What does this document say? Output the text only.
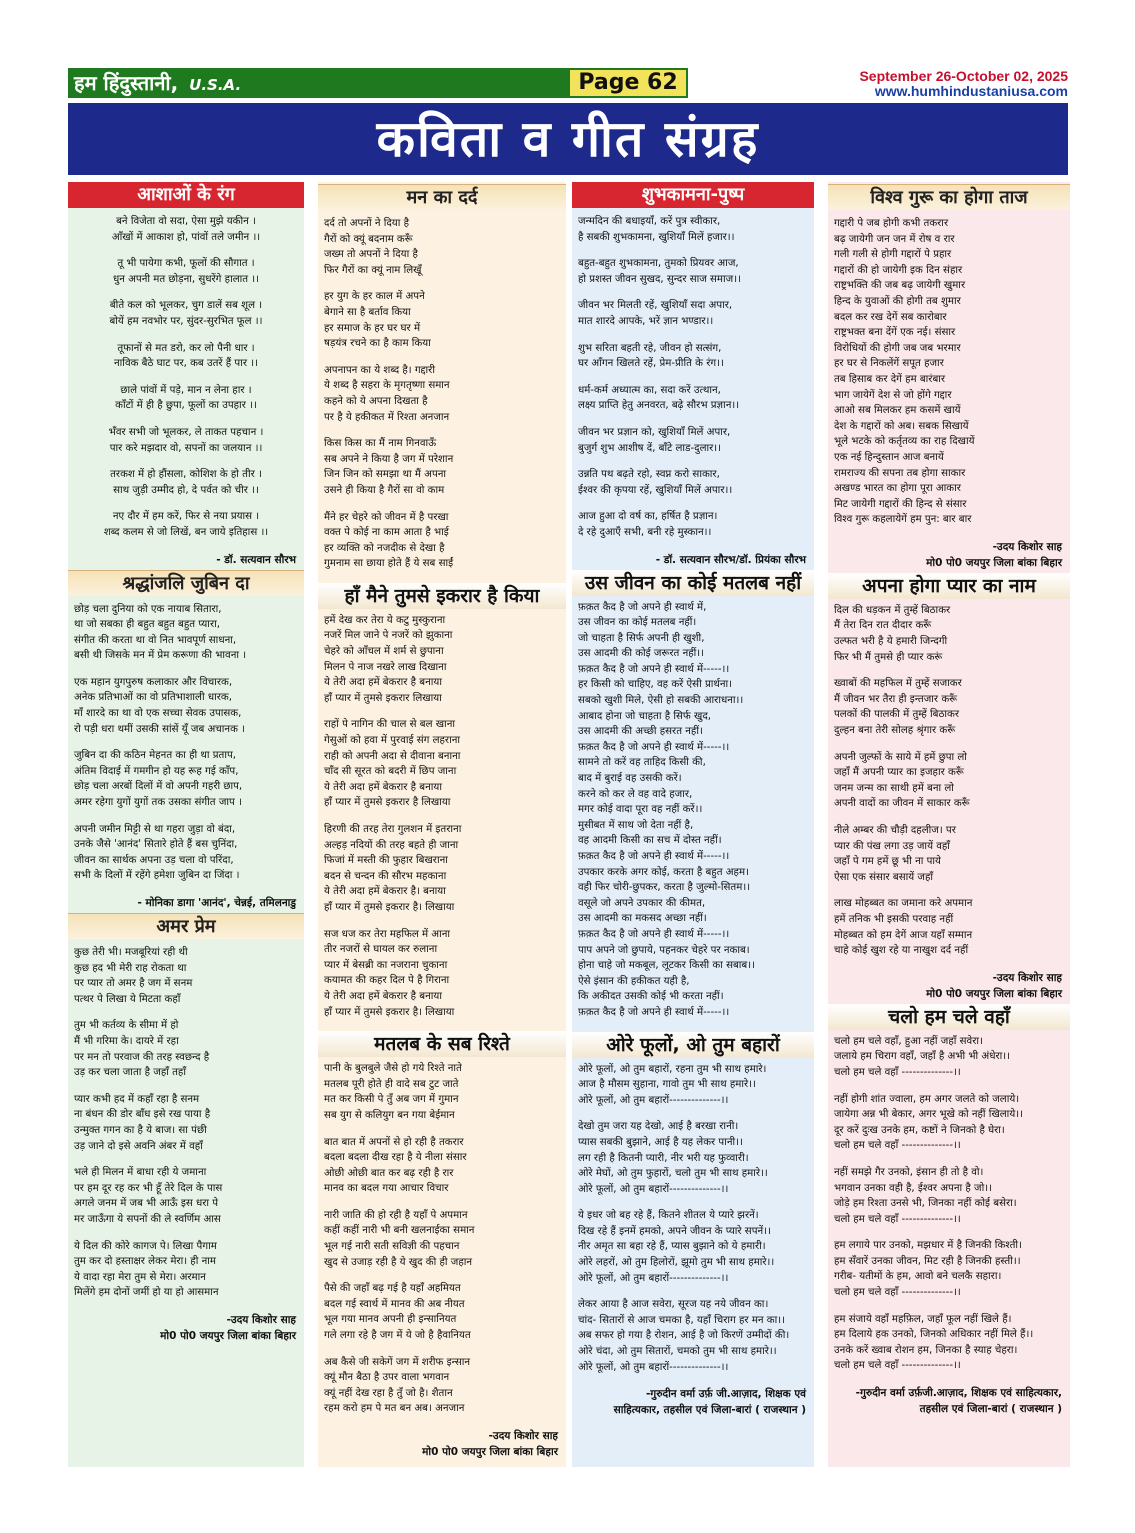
हम हिंदुस्तानी, U.S.A.	Page 62	September 26-October 02, 2025
www.humhindustaniusa.com
कविता व गीत संग्रह
आशाओं के रंग
बने विजेता वो सदा, ऐसा मुझे यकीन ।
आँखों में आकाश हो, पांवों तले जमीन ।।
तू भी पायेगा कभी, फूलों की सौगात ।
धुन अपनी मत छोड़ना, सुधरेंगे हालात ।।
बीते कल को भूलकर, चुग डालें सब शूल ।
बोयें हम नवभोर पर, सुंदर-सुरभित फूल ।।
तूफानों से मत डरो, कर लो पैनी धार ।
नाविक बैठे घाट पर, कब उतरें हैं पार ।।
छाले पांवों में पड़े, मान न लेना हार ।
काँटों में ही है छुपा, फूलों का उपहार ।।
भँवर सभी जो भूलकर, ले ताकत पहचान ।
पार करे मझदार वो, सपनों का जलयान ।।
तरकश में हो हौंसला, कोशिश के हो तीर ।
साथ जुड़ी उम्मीद हो, दे पर्वत को चीर ।।
नए दौर में हम करें, फिर से नया प्रयास ।
शब्द कलम से जो लिखें, बन जाये इतिहास ।।
- डॉ. सत्यवान सौरभ
श्रद्धांजलि जुबिन दा
छोड़ चला दुनिया को एक नायाब सितारा,
था जो सबका ही बहुत बहुत बहुत प्यारा,
संगीत की करता था वो नित भावपूर्ण साधना,
बसी थी जिसके मन में प्रेम करूणा की भावना ।
एक महान युगपुरुष कलाकार और विचारक,
अनेक प्रतिभाओं का वो प्रतिभाशाली धारक,
माँ शारदे का था वो एक सच्चा सेवक उपासक,
रो पड़ी धरा थमीं उसकी सांसें यूँ जब अचानक ।
जुबिन दा की कठिन मेहनत का ही था प्रताप,
अंतिम विदाई में गमगीन हो यह रूह गई काँप,
छोड़ चला अरबों दिलों में वो अपनी गहरी छाप,
अमर रहेगा युगों युगों तक उसका संगीत जाप ।
अपनी जमीन मिट्टी से था गहरा जुड़ा वो बंदा,
उनके जैसे 'आनंद' सितारे होते हैं बस चुनिंदा,
जीवन का सार्थक अपना उड़ चला वो परिंदा,
सभी के दिलों में रहेंगे हमेशा जुबिन दा जिंदा ।
- मोनिका डागा 'आनंद', चेन्नई, तमिलनाडु
अमर प्रेम
कुछ तेरी भी। मजबूरियां रही थी
कुछ हद भी मेरी राह रोकता था
पर प्यार तो अमर है जग में सनम
पत्थर पे लिखा ये मिटता कहाँ
तुम भी कर्तव्य के सीमा में हो
मैं भी गरिमा के। दायरे में रहा
पर मन तो परवाज की तरह स्वछन्द है
उड़ कर चला जाता है जहाँ तहाँ
प्यार कभी हद में कहाँ रहा है सनम
ना बंधन की डोर बाँध इसे रख पाया है
उन्मुक्त गगन का है ये बाज। सा पंछी
उड़ जाने दो इसे अवनि अंबर में वहाँ
भले ही मिलन में बाधा रही ये जमाना
पर हम दूर रह कर भी हूँ तेरे दिल के पास
अगले जनम में जब भी आऊँ इस धरा पे
मर जाऊँगा ये सपनों की ले स्वर्णिम आस
ये दिल की कोरे कागज पे। लिखा पैगाम
तुम कर दो हस्ताक्षर लेकर मेरा। ही नाम
ये वादा रहा मेरा तुम से मेरा। अरमान
मिलेंगे हम दोनों जमीं हो या हो आसमान
-उदय किशोर साह
मो0 पो0 जयपुर जिला बांका बिहार
मन का दर्द
दर्द तो अपनों ने दिया है
गैरों को क्यूं बदनाम करूँ
जख्म तो अपनों ने दिया है
फिर गैरों का क्यूं नाम लिखूँ
हर युग के हर काल में अपने
बेगाने सा है बर्ताव किया
हर समाज के हर घर घर में
षड़यंत्र रचने का है काम किया
अपनापन का ये शब्द है। गद्दारी
ये शब्द है सहरा के मृगतृष्णा समान
कहने को ये अपना दिखता है
पर है ये हकीकत में रिश्ता अनजान
किस किस का मैं नाम गिनवाऊँ
सब अपने ने किया है जग में परेशान
जिन जिन को समझा था मैं अपना
उसने ही किया है गैरों सा वो काम
मैंने हर चेहरे को जीवन में है परखा
वक्त पे कोई ना काम आता है भाई
हर व्यक्ति को नजदीक से देखा है
गुमनाम सा छाया होते हैं ये सब साईं
हाँ मैने तुमसे इकरार है किया
हमें देख कर तेरा ये कटु मुस्कुराना
नजरें मिल जाने पे नजरें को झुकाना
चेहरे को आँचल में शर्म से छुपाना
मिलन पे नाज नखरे लाख दिखाना
ये तेरी अदा हमें बेकरार है बनाया
हाँ प्यार में तुमसे इकरार लिखाया
राहों पे नागिन की चाल से बल खाना
गेसुओं को हवा में पुरवाई संग लहराना
राही को अपनी अदा से दीवाना बनाना
चाँद सी सूरत को बदरी में छिप जाना
ये तेरी अदा हमें बेकरार है बनाया
हाँ प्यार में तुमसे इकरार है लिखाया
हिरणी की तरह तेरा गुलशन में इतराना
अल्हड़ नदियों की तरह बहते ही जाना
फिजां में मस्ती की फुहार बिखराना
बदन से चन्दन की सौरभ महकाना
ये तेरी अदा हमें बेकरार है। बनाया
हाँ प्यार में तुमसे इकरार है। लिखाया
सज धज कर तेरा महफिल में आना
तीर नजरों से घायल कर रुलाना
प्यार में बेसब्री का नजराना चुकाना
कयामत की कहर दिल पे है गिराना
ये तेरी अदा हमें बेकरार है बनाया
हाँ प्यार में तुमसे इकरार है। लिखाया
मतलब के सब रिश्ते
पानी के बुलबुले जैसे हो गये रिश्ते नाते
मतलब पूरी होते ही वादे सब टुट जाते
मत कर किसी पे तुँ अब जग में गुमान
सब युग से कलियुग बन गया बेईमान
बात बात में अपनों से हो रही है तकरार
बदला बदला दीख रहा है ये नीला संसार
ओछी ओछी बात कर बढ़ रही है रार
मानव का बदल गया आचार विचार
नारी जाति की हो रही है यहाँ पे अपमान
कहीं कहीं नारी भी बनी खलनाईका समान
भूल गई नारी सती सविज्ञी की पहचान
खुद से उजाड़ रही है ये खुद की ही जहान
पैसे की जहाँ बढ़ गई है यहाँ अहमियत
बदल गई स्वार्थ में मानव की अब नीयत
भूल गया मानव अपनी ही इन्सानियत
गले लगा रहे है जग में ये जो है हैवानियत
अब कैसे जी सकेगें जग में शरीफ इन्सान
क्यूं मौन बैठा है उपर वाला भगवान
क्यूं नहीं देख रहा है तुँ जो है। शैतान
रहम करो हम पे मत बन अब। अनजान
-उदय किशोर साह
मो0 पो0 जयपुर जिला बांका बिहार
शुभकामना-पुष्प
जन्मदिन की बधाइयाँ, करें पुत्र स्वीकार,
है सबकी शुभकामना, खुशियाँ मिलें हजार।।
बहुत-बहुत शुभकामना, तुमको प्रियवर आज,
हो प्रशस्त जीवन सुखद, सुन्दर साज समाज।।
जीवन भर मिलती रहें, खुशियाँ सदा अपार,
मात शारदे आपके, भरें ज्ञान भण्डार।।
शुभ सरिता बहती रहे, जीवन हो सत्संग,
घर आँगन खिलते रहें, प्रेम-प्रीति के रंग।।
धर्म-कर्म अध्यात्म का, सदा करें उत्थान,
लक्ष्य प्राप्ति हेतु अनवरत, बढ़े सौरभ प्रज्ञान।।
जीवन भर प्रज्ञान को, खुशियाँ मिलें अपार,
बुजुर्ग शुभ आशीष दें, बाँटे लाड-दुलार।।
उन्नति पथ बढ़ते रहो, स्वप्न करो साकार,
ईश्वर की कृपया रहें, खुशियाँ मिलें अपार।।
आज हुआ दो वर्ष का, हर्षित है प्रज्ञान।
दे रहे दुआएँ सभी, बनी रहे मुस्कान।।
- डॉ. सत्यवान सौरभ/डॉ. प्रियंका सौरभ
उस जीवन का कोई मतलब नहीं
फ़क़त कैद है जो अपने ही स्वार्थ में,
उस जीवन का कोई मतलब नहीं।
जो चाहता है सिर्फ अपनी ही खुशी,
उस आदमी की कोई जरूरत नहीं।।
फ़क़त कैद है जो अपने ही स्वार्थ में-----।।
हर किसी को चाहिए, वह करें ऐसी प्रार्थना।
सबको खुशी मिले, ऐसी हो सबकी आराधना।।
आबाद होना जो चाहता है सिर्फ खुद,
उस आदमी की अच्छी हसरत नहीं।
फ़क़त कैद है जो अपने ही स्वार्थ में-----।।
सामने तो करें वह ताहिद किसी की,
बाद में बुराई वह उसकी करें।
करने को कर ले वह वादे हजार,
मगर कोई वादा पूरा वह नहीं करें।।
मुसीबत में साथ जो देता नहीं है,
वह आदमी किसी का सच में दोस्त नहीं।
फ़क़त कैद है जो अपने ही स्वार्थ में-----।।
उपकार करके अगर कोई, करता है बहुत अहम।
वही फिर चोरी-छुपकर, करता है जुल्मो-सितम।।
वसूले जो अपने उपकार की कीमत,
उस आदमी का मकसद अच्छा नहीं।
फ़क़त कैद है जो अपने ही स्वार्थ में-----।।
पाप अपने जो छुपाये, पहनकर चेहरे पर नकाब।
होना चाहे जो मकबूल, लूटकर किसी का सबाब।।
ऐसे इंसान की हकीकत यही है,
कि अकीदत उसकी कोई भी करता नहीं।
फ़क़त कैद है जो अपने ही स्वार्थ में-----।।
ओरे फूलों, ओ तुम बहारों
ओरे फूलों, ओ तुम बहारों, रहना तुम भी साथ हमारे।
आज है मौसम सुहाना, गावो तुम भी साथ हमारे।।
ओरे फूलों, ओ तुम बहारों--------------।।
देखो तुम जरा यह देखो, आई है बरखा रानी।
प्यास सबकी बुझाने, आई है यह लेकर पानी।।
लग रही है कितनी प्यारी, नीर भरी यह फुव्वारी।
ओरे मेघों, ओ तुम फुहारों, चलो तुम भी साथ हमारे।।
ओरे फूलों, ओ तुम बहारों--------------।।
ये इधर जो बह रहे हैं, कितने शीतल ये प्यारे झरनें।
दिख रहे हैं इनमें हमको, अपने जीवन के प्यारे सपनें।।
नीर अमृत सा बहा रहे हैं, प्यास बुझाने को ये हमारी।
ओरे लहरों, ओ तुम हिलोरों, झूमो तुम भी साथ हमारे।।
ओरे फूलों, ओ तुम बहारों--------------।।
लेकर आया है आज सवेरा, सूरज यह नये जीवन का।
चांद- सितारों से आज चमका है, यहाँ चिराग हर मन का।।
अब सफर हो गया है रोशन, आई है जो किरणें उम्मीदों की।
ओरे चंदा, ओ तुम सितारों, चमको तुम भी साथ हमारे।।
ओरे फूलों, ओ तुम बहारों--------------।।
-गुरुदीन वर्मा उर्फ़ जी.आज़ाद, शिक्षक एवं
साहित्यकार, तहसील एवं जिला-बारां ( राजस्थान )
विश्व गुरू का होगा ताज
गद्दारी पे जब होगी कभी तकरार
बढ़ जायेगी जन जन में रोष व रार
गली गली से होगी गद्दारों पे प्रहार
गद्दारों की हो जायेगी इक दिन संहार
राष्ट्रभक्ति की जब बढ़ जायेगी खुमार
हिन्द के युवाओं की होगी तब शुमार
बदल कर रख देगें सब कारोबार
राष्ट्रभक्त बना देंगें एक नई। संसार
विरोधियों की होगी जब जब भरमार
हर घर से निकलेंगें सपूत हजार
तब हिसाब कर देगें हम बारंबार
भाग जायेगें देश से जो होंगे गद्दार
आओ सब मिलकर हम कसमें खायें
देश के गद्दारों को अब। सबक सिखायें
भूले भटके को कर्तृतव्य का राह दिखायें
एक नई हिन्दुस्तान आज बनायें
रामराज्य की सपना तब होगा साकार
अखण्ड भारत का होगा पूरा आकार
मिट जायेगी गद्दारों की हिन्द से संसार
विश्व गुरू कहलायेगें हम पुन: बार बार
-उदय किशोर साह
मो0 पो0 जयपुर जिला बांका बिहार
अपना होगा प्यार का नाम
दिल की धड़कन में तुम्हें बिठाकर
मैं तेरा दिन रात दीदार करूँ
उल्फत भरी है ये हमारी जिन्दगी
फिर भी मैं तुमसे ही प्यार करूं
ख्वाबों की महफिल में तुम्हें सजाकर
मैं जीवन भर तैरा ही इन्तजार करूँ
पलकों की पालकी में तुम्हें बिठाकर
दुल्हन बना तेरी सोलह श्रृंगार करूँ
अपनी जुल्फों के साये में हमें छुपा लो
जहाँ मैं अपनी प्यार का इजहार करूँ
जनम जन्म का साथी हमें बना लो
अपनी वादों का जीवन में साकार करूँ
नीले अम्बर की चौड़ी दहलीज। पर
प्यार की पंख लगा उड़ जायें वहाँ
जहाँ पे गम हमें छू भी ना पाये
ऐसा एक संसार बसायें जहाँ
लाख मोहब्बत का जमाना करे अपमान
हमें तनिक भी इसकी परवाह नहीं
मोहब्बत को हम देगें आज यहाँ सम्मान
चाहे कोई खुश रहे या नाखुश दर्द नहीं
-उदय किशोर साह
मो0 पो0 जयपुर जिला बांका बिहार
चलो हम चले वहाँ
चलो हम चले वहाँ, हुआ नहीं जहाँ सवेरा।
जलाये हम चिराग वहाँ, जहाँ है अभी भी अंधेरा।।
चलो हम चले वहाँ --------------।।
नहीं होगी शांत ज्वाला, हम अगर जलते को जलाये।
जायेगा अन्न भी बेकार, अगर भूखे को नहीं खिलाये।।
दूर करें दुःख उनके हम, कष्टों ने जिनको है घेरा।
चलो हम चले वहाँ --------------।।
नहीं समझे गैर उनको, इंसान ही तो है वो।
भगवान उनका वही है, ईश्वर अपना है जो।।
जोड़े हम रिश्ता उनसे भी, जिनका नहीं कोई बसेरा।
चलो हम चले वहाँ --------------।।
हम लगाये पार उनको, मझधार में है जिनकी किश्ती।
हम सँवारें उनका जीवन, मिट रही है जिनकी हस्ती।।
गरीब- यतीमों के हम, आवो बने चलकै सहारा।
चलो हम चले वहाँ --------------।।
हम संजाये वहाँ महफ़िल, जहाँ फूल नहीं खिले हैं।
हम दिलाये हक उनको, जिनको अधिकार नहीं मिले हैं।।
उनके करें ख्वाब रोशन हम, जिनका है स्याह चेहरा।
चलो हम चले वहाँ --------------।।
-गुरुदीन वर्मा उर्फ़जी.आज़ाद, शिक्षक एवं साहित्यकार,
तहसील एवं जिला-बारां ( राजस्थान )
